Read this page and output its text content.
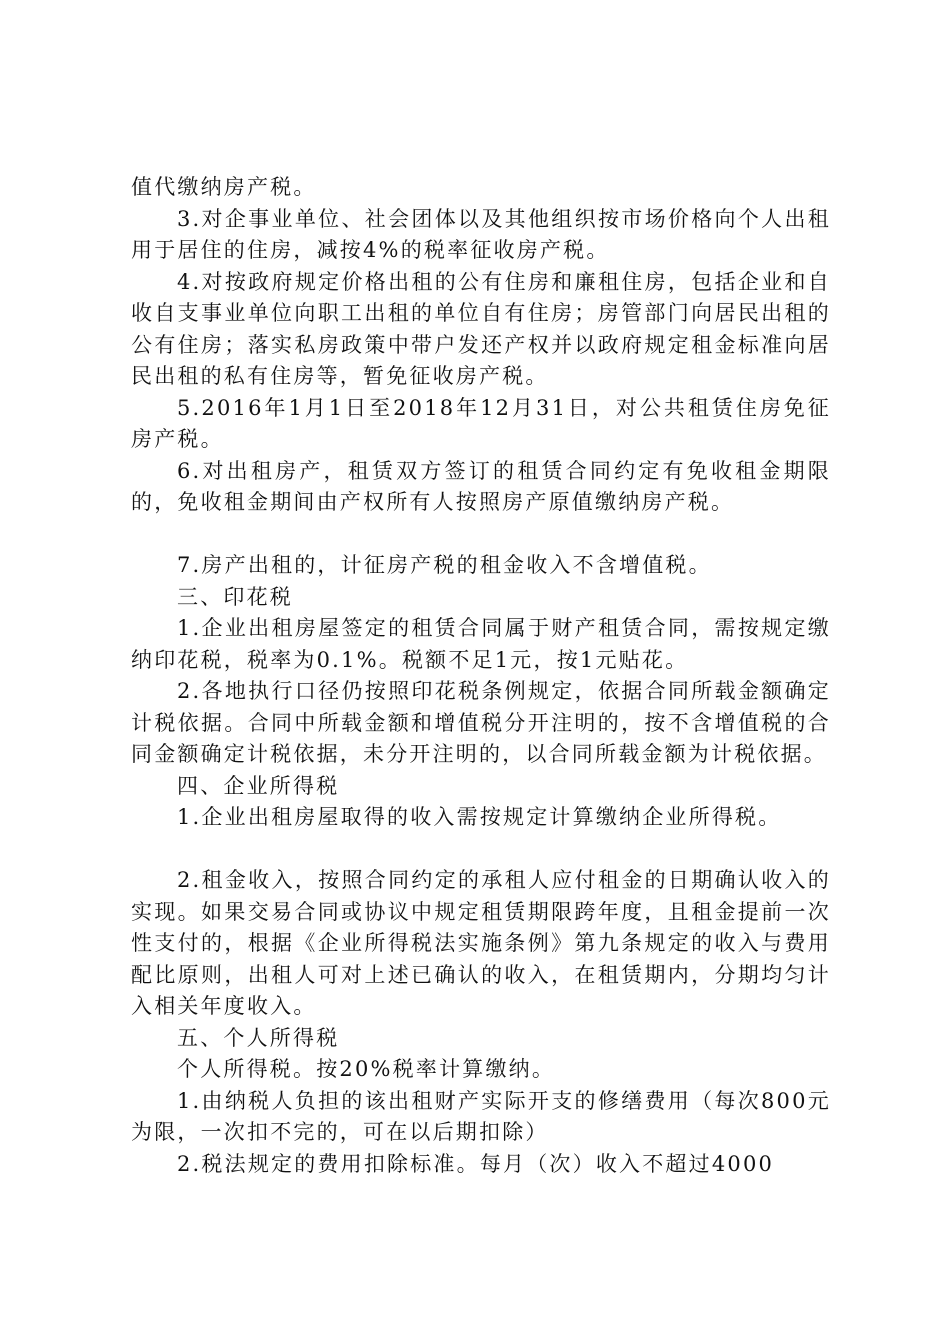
值代缴纳房产税。

3.对企事业单位、社会团体以及其他组织按市场价格向个人出租用于居住的住房，减按4%的税率征收房产税。

4.对按政府规定价格出租的公有住房和廉租住房，包括企业和自收自支事业单位向职工出租的单位自有住房；房管部门向居民出租的公有住房；落实私房政策中带户发还产权并以政府规定租金标准向居民出租的私有住房等，暂免征收房产税。

5.2016年1月1日至2018年12月31日，对公共租赁住房免征房产税。

6.对出租房产，租赁双方签订的租赁合同约定有免收租金期限的，免收租金期间由产权所有人按照房产原值缴纳房产税。

7.房产出租的，计征房产税的租金收入不含增值税。

三、印花税

1.企业出租房屋签定的租赁合同属于财产租赁合同，需按规定缴纳印花税，税率为0.1%。税额不足1元，按1元贴花。

2.各地执行口径仍按照印花税条例规定，依据合同所载金额确定计税依据。合同中所载金额和增值税分开注明的，按不含增值税的合同金额确定计税依据，未分开注明的，以合同所载金额为计税依据。

四、企业所得税

1.企业出租房屋取得的收入需按规定计算缴纳企业所得税。

2.租金收入，按照合同约定的承租人应付租金的日期确认收入的实现。如果交易合同或协议中规定租赁期限跨年度，且租金提前一次性支付的，根据《企业所得税法实施条例》第九条规定的收入与费用配比原则，出租人可对上述已确认的收入，在租赁期内，分期均匀计入相关年度收入。

五、个人所得税

个人所得税。按20%税率计算缴纳。

1.由纳税人负担的该出租财产实际开支的修缮费用（每次800元为限，一次扣不完的，可在以后期扣除）

2.税法规定的费用扣除标准。每月（次）收入不超过4000
